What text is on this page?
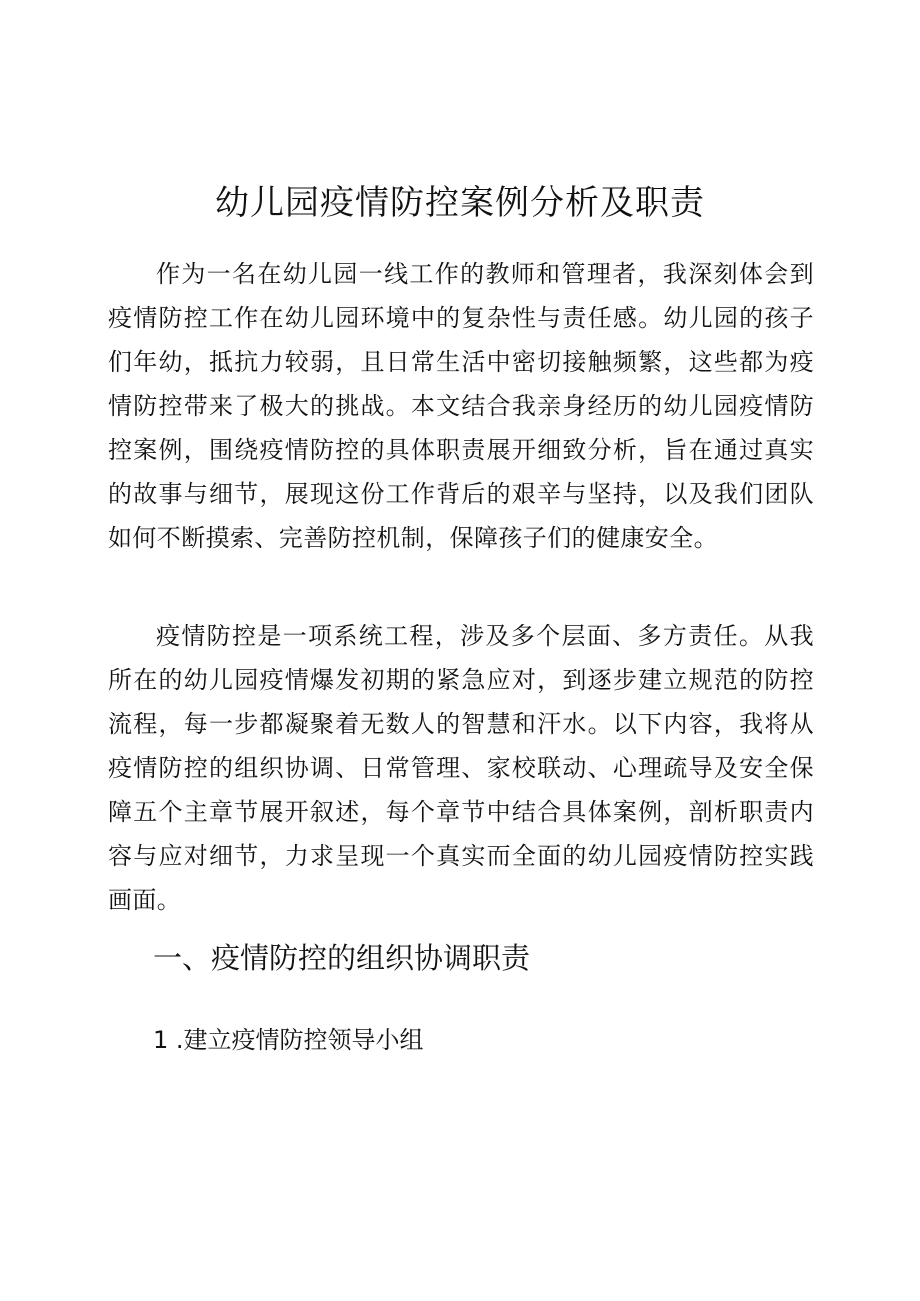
幼儿园疫情防控案例分析及职责

作为一名在幼儿园一线工作的教师和管理者，我深刻体会到疫情防控工作在幼儿园环境中的复杂性与责任感。幼儿园的孩子们年幼，抵抗力较弱，且日常生活中密切接触频繁，这些都为疫情防控带来了极大的挑战。本文结合我亲身经历的幼儿园疫情防控案例，围绕疫情防控的具体职责展开细致分析，旨在通过真实的故事与细节，展现这份工作背后的艰辛与坚持，以及我们团队如何不断摸索、完善防控机制，保障孩子们的健康安全。

疫情防控是一项系统工程，涉及多个层面、多方责任。从我所在的幼儿园疫情爆发初期的紧急应对，到逐步建立规范的防控流程，每一步都凝聚着无数人的智慧和汗水。以下内容，我将从疫情防控的组织协调、日常管理、家校联动、心理疏导及安全保障五个主章节展开叙述，每个章节中结合具体案例，剖析职责内容与应对细节，力求呈现一个真实而全面的幼儿园疫情防控实践画面。

一、疫情防控的组织协调职责
1 .建立疫情防控领导小组
